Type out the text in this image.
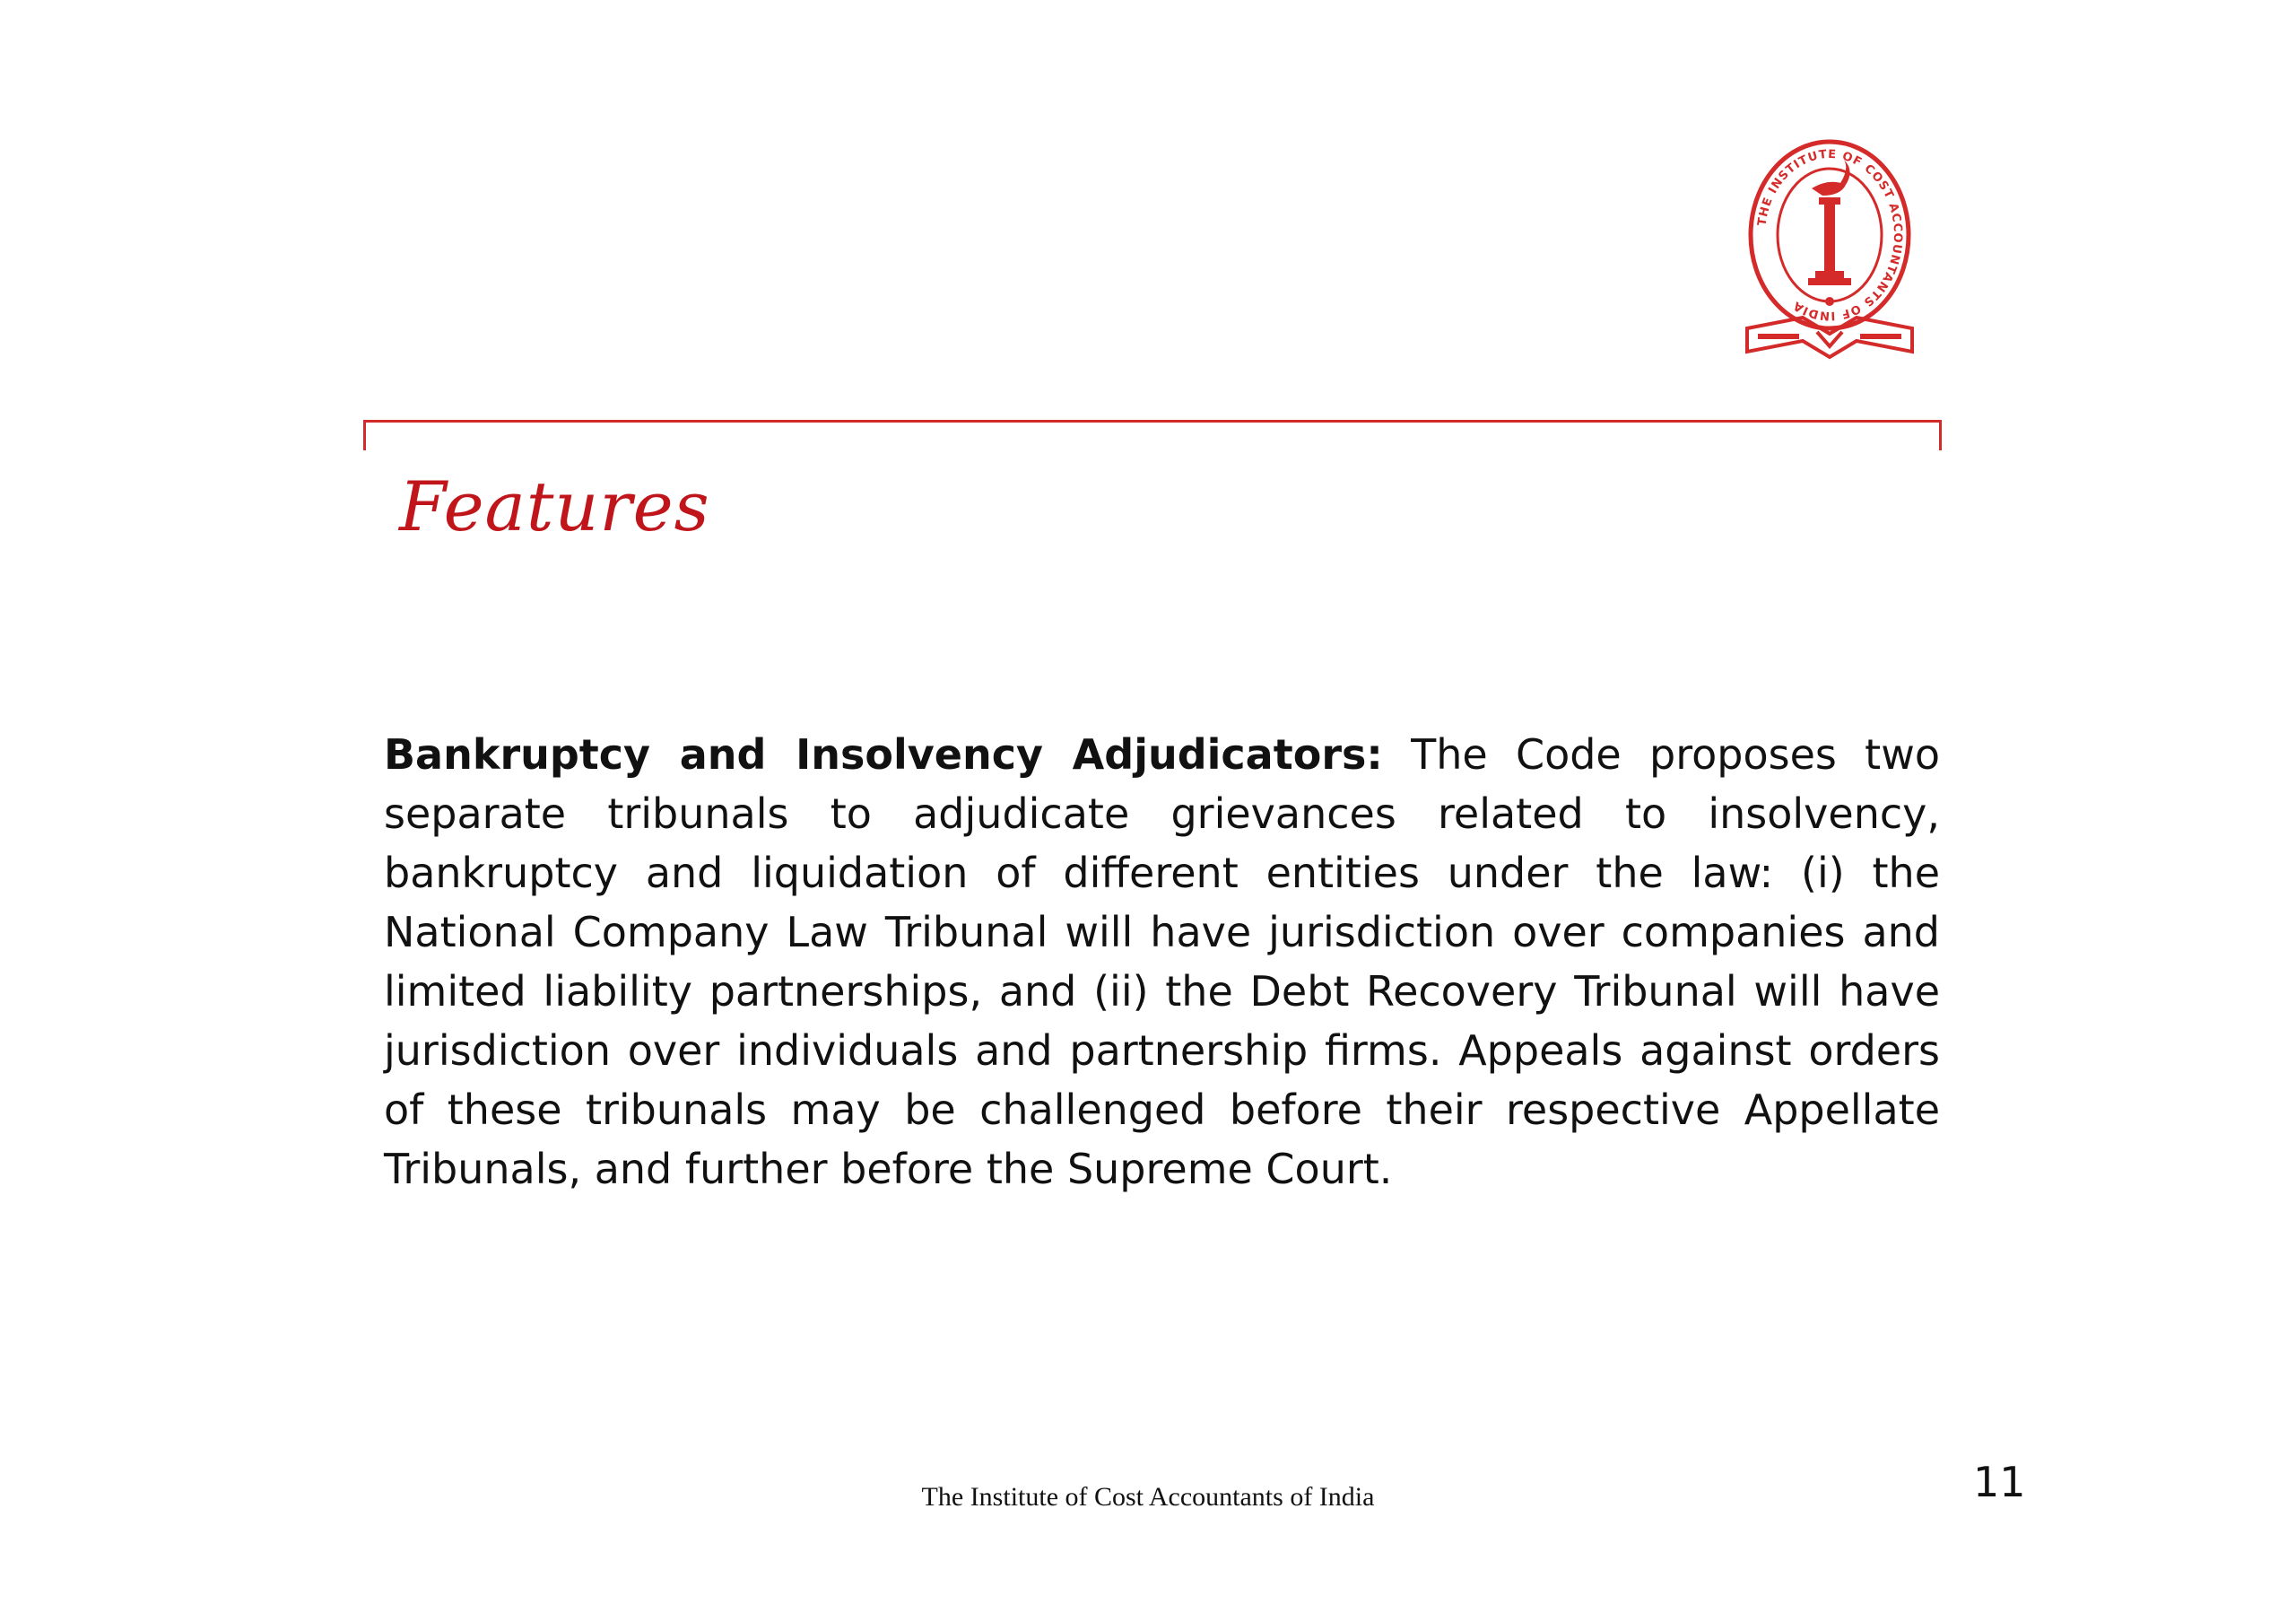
THE INSTITUTE OF COST ACCOUNTANTS OF INDIA
Features

Bankruptcy and Insolvency Adjudicators: The Code proposes two separate tribunals to adjudicate grievances related to insolvency, bankruptcy and liquidation of different entities under the law: (i) the National Company Law Tribunal will have jurisdiction over companies and limited liability partnerships, and (ii) the Debt Recovery Tribunal will have jurisdiction over individuals and partnership firms. Appeals against orders of these tribunals may be challenged before their respective Appellate Tribunals, and further before the Supreme Court.

The Institute of Cost Accountants of India	11
